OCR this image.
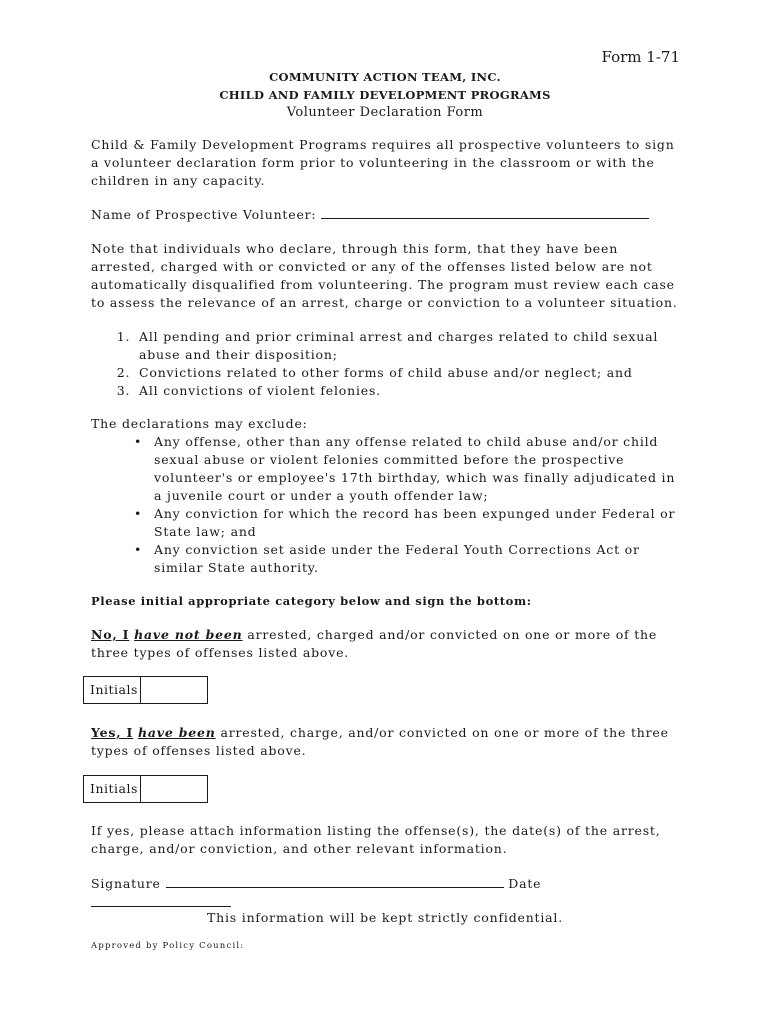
Form 1-71
COMMUNITY ACTION TEAM, INC.
CHILD AND FAMILY DEVELOPMENT PROGRAMS
Volunteer Declaration Form
Child & Family Development Programs requires all prospective volunteers to sign a volunteer declaration form prior to volunteering in the classroom or with the children in any capacity.
Name of Prospective Volunteer:
Note that individuals who declare, through this form, that they have been arrested, charged with or convicted or any of the offenses listed below are not automatically disqualified from volunteering. The program must review each case to assess the relevance of an arrest, charge or conviction to a volunteer situation.
1. All pending and prior criminal arrest and charges related to child sexual abuse and their disposition;
2. Convictions related to other forms of child abuse and/or neglect; and
3. All convictions of violent felonies.
The declarations may exclude:
• Any offense, other than any offense related to child abuse and/or child sexual abuse or violent felonies committed before the prospective volunteer's or employee's 17th birthday, which was finally adjudicated in a juvenile court or under a youth offender law;
• Any conviction for which the record has been expunged under Federal or State law; and
• Any conviction set aside under the Federal Youth Corrections Act or similar State authority.
Please initial appropriate category below and sign the bottom:
No, I have not been arrested, charged and/or convicted on one or more of the three types of offenses listed above.
Initials
Yes, I have been arrested, charge, and/or convicted on one or more of the three types of offenses listed above.
Initials
If yes, please attach information listing the offense(s), the date(s) of the arrest, charge, and/or conviction, and other relevant information.
Signature	Date
This information will be kept strictly confidential.
Approved by Policy Council:
